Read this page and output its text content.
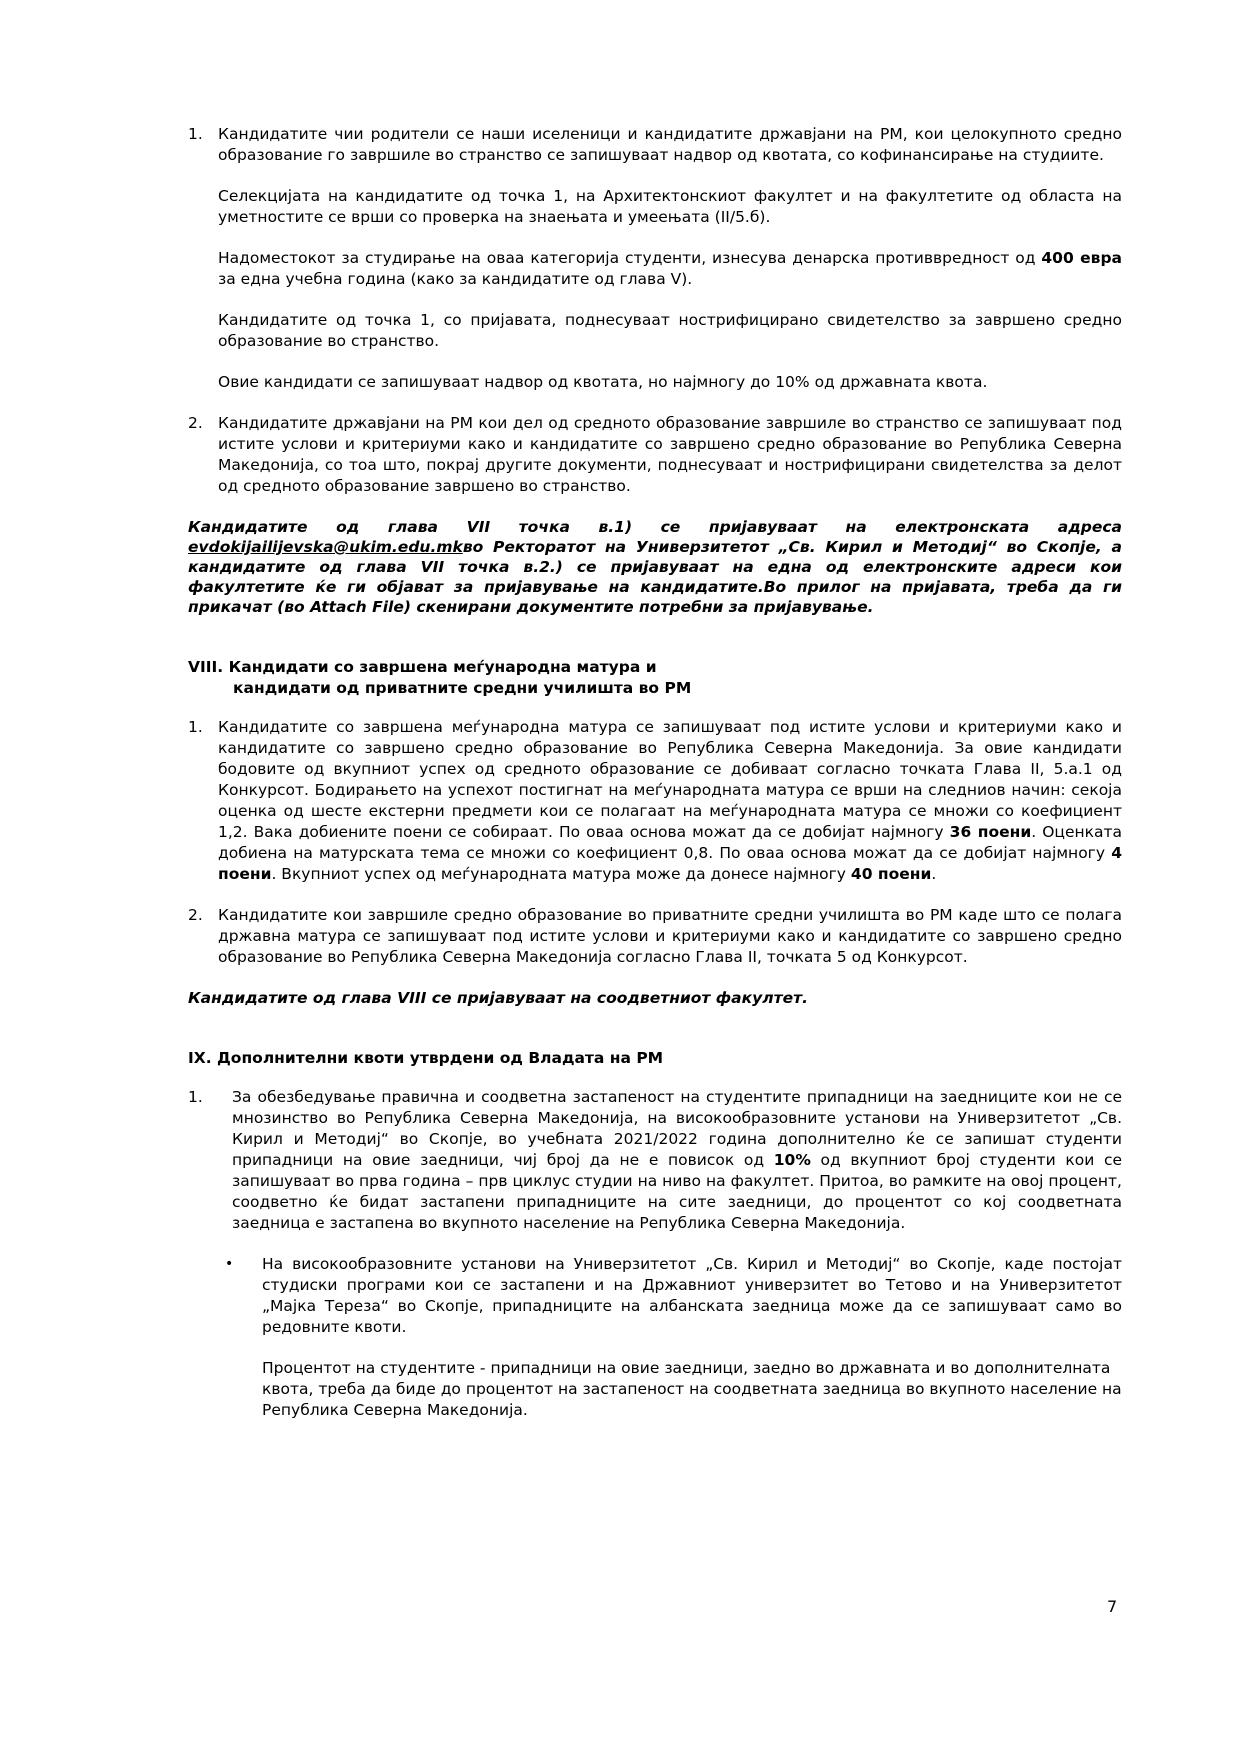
1. Кандидатите чии родители се наши иселеници и кандидатите државјани на РМ, кои целокупното средно образование го завршиле во странство се запишуваат надвор од квотата, со кофинансирање на студиите.

Селекцијата на кандидатите од точка 1, на Архитектонскиот факултет и на факултетите од областа на уметностите се врши со проверка на знаењата и умеењата (II/5.б).

Надоместокот за студирање на оваа категорија студенти, изнесува денарска противвредност од 400 евра за една учебна година (како за кандидатите од глава V).

Кандидатите од точка 1, со пријавата, поднесуваат нострифицирано свидетелство за завршено средно образование во странство.

Овие кандидати се запишуваат надвор од квотата, но најмногу до 10% од државната квота.

2. Кандидатите државјани на РМ кои дел од средното образование завршиле во странство се запишуваат под истите услови и критериуми како и кандидатите со завршено средно образование во Република Северна Македонија, со тоа што, покрај другите документи, поднесуваат и нострифицирани свидетелства за делот од средното образование завршено во странство.

Кандидатите од глава VII точка в.1) се пријавуваат на електронската адреса evdokijailijevska@ukim.edu.mkво Ректоратот на Универзитетот „Св. Кирил и Методиј“ во Скопје, а кандидатите од глава VII точка в.2.) се пријавуваат на една од електронските адреси кои факултетите ќе ги објават за пријавување на кандидатите.Во прилог на пријавата, треба да ги прикачат (во Attach File) скенирани документите потребни за пријавување.

VIII. Кандидати со завршена меѓународна матура и
кандидати од приватните средни училишта во РМ
1. Кандидатите со завршена меѓународна матура се запишуваат под истите услови и критериуми како и кандидатите со завршено средно образование во Република Северна Македонија. За овие кандидати бодовите од вкупниот успех од средното образование се добиваат согласно точката Глава II, 5.а.1 од Конкурсот. Бодирањето на успехот постигнат на меѓународната матура се врши на следниов начин: секоја оценка од шесте екстерни предмети кои се полагаат на меѓународната матура се множи со коефициент 1,2. Вака добиените поени се собираат. По оваа основа можат да се добијат најмногу 36 поени. Оценката добиена на матурската тема се множи со коефициент 0,8. По оваа основа можат да се добијат најмногу 4 поени. Вкупниот успех од меѓународната матура може да донесе најмногу 40 поени.

2. Кандидатите кои завршиле средно образование во приватните средни училишта во РМ каде што се полага државна матура се запишуваат под истите услови и критериуми како и кандидатите со завршено средно образование во Република Северна Македонија согласно Глава II, точката 5 од Конкурсот.

Кандидатите од глава VIII се пријавуваат на соодветниот факултет.

IX. Дополнителни квоти утврдени од Владата на РМ
1. За обезбедување правична и соодветна застапеност на студентите припадници на заедниците кои не се мнозинство во Република Северна Македонија, на високообразовните установи на Универзитетот „Св. Кирил и Методиј“ во Скопје, во учебната 2021/2022 година дополнително ќе се запишат студенти припадници на овие заедници, чиј број да не е повисок од 10% од вкупниот број студенти кои се запишуваат во прва година – прв циклус студии на ниво на факултет. Притоа, во рамките на овој процент, соодветно ќе бидат застапени припадниците на сите заедници, до процентот со кој соодветната заедница е застапена во вкупното население на Република Северна Македонија.

• На високообразовните установи на Универзитетот „Св. Кирил и Методиј“ во Скопје, каде постојат студиски програми кои се застапени и на Државниот универзитет во Тетово и на Универзитетот „Мајка Тереза“ во Скопје, припадниците на албанската заедница може да се запишуваат само во редовните квоти.

Процентот на студентите - припадници на овие заедници, заедно во државната и во дополнителната квота, треба да биде до процентот на застапеност на соодветната заедница во вкупното население на Република Северна Македонија.

7
